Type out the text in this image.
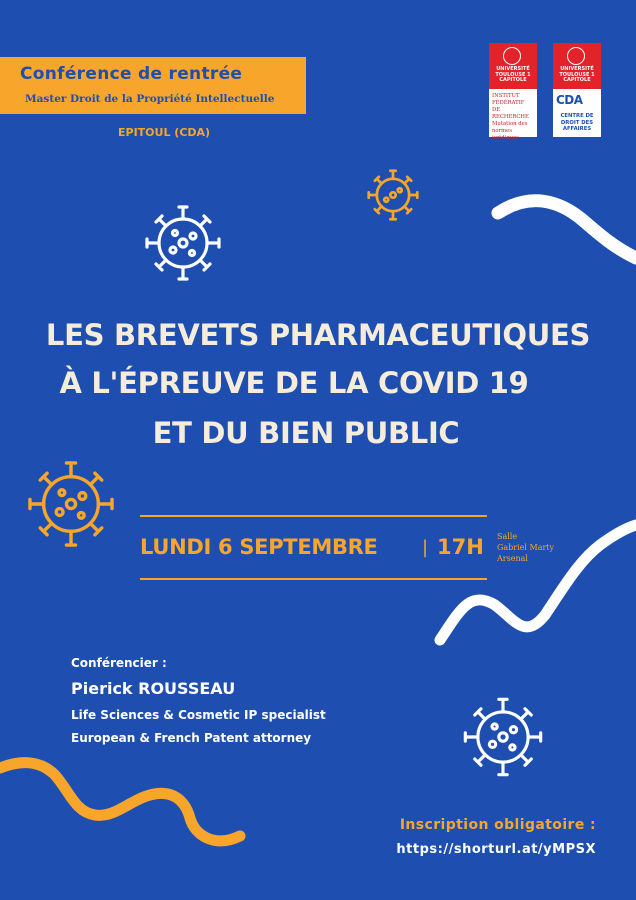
Conférence de rentrée
Master Droit de la Propriété Intellectuelle
EPITOUL (CDA)
UNIVERSITÉ TOULOUSE 1 CAPITOLE
INSTITUT FÉDÉRATIF DE RECHERCHE Mutation des normes juridiques
UNIVERSITÉ TOULOUSE 1 CAPITOLE
CDA
CENTRE DE DROIT DES AFFAIRES
LES BREVETS PHARMACEUTIQUES
À L'ÉPREUVE DE LA COVID 19
ET DU BIEN PUBLIC
LUNDI 6 SEPTEMBRE | 17H Salle
Gabriel Marty
Arsenal
Conférencier :
Pierick ROUSSEAU
Life Sciences & Cosmetic IP specialist
European & French Patent attorney
Inscription obligatoire :
https://shorturl.at/yMPSX
